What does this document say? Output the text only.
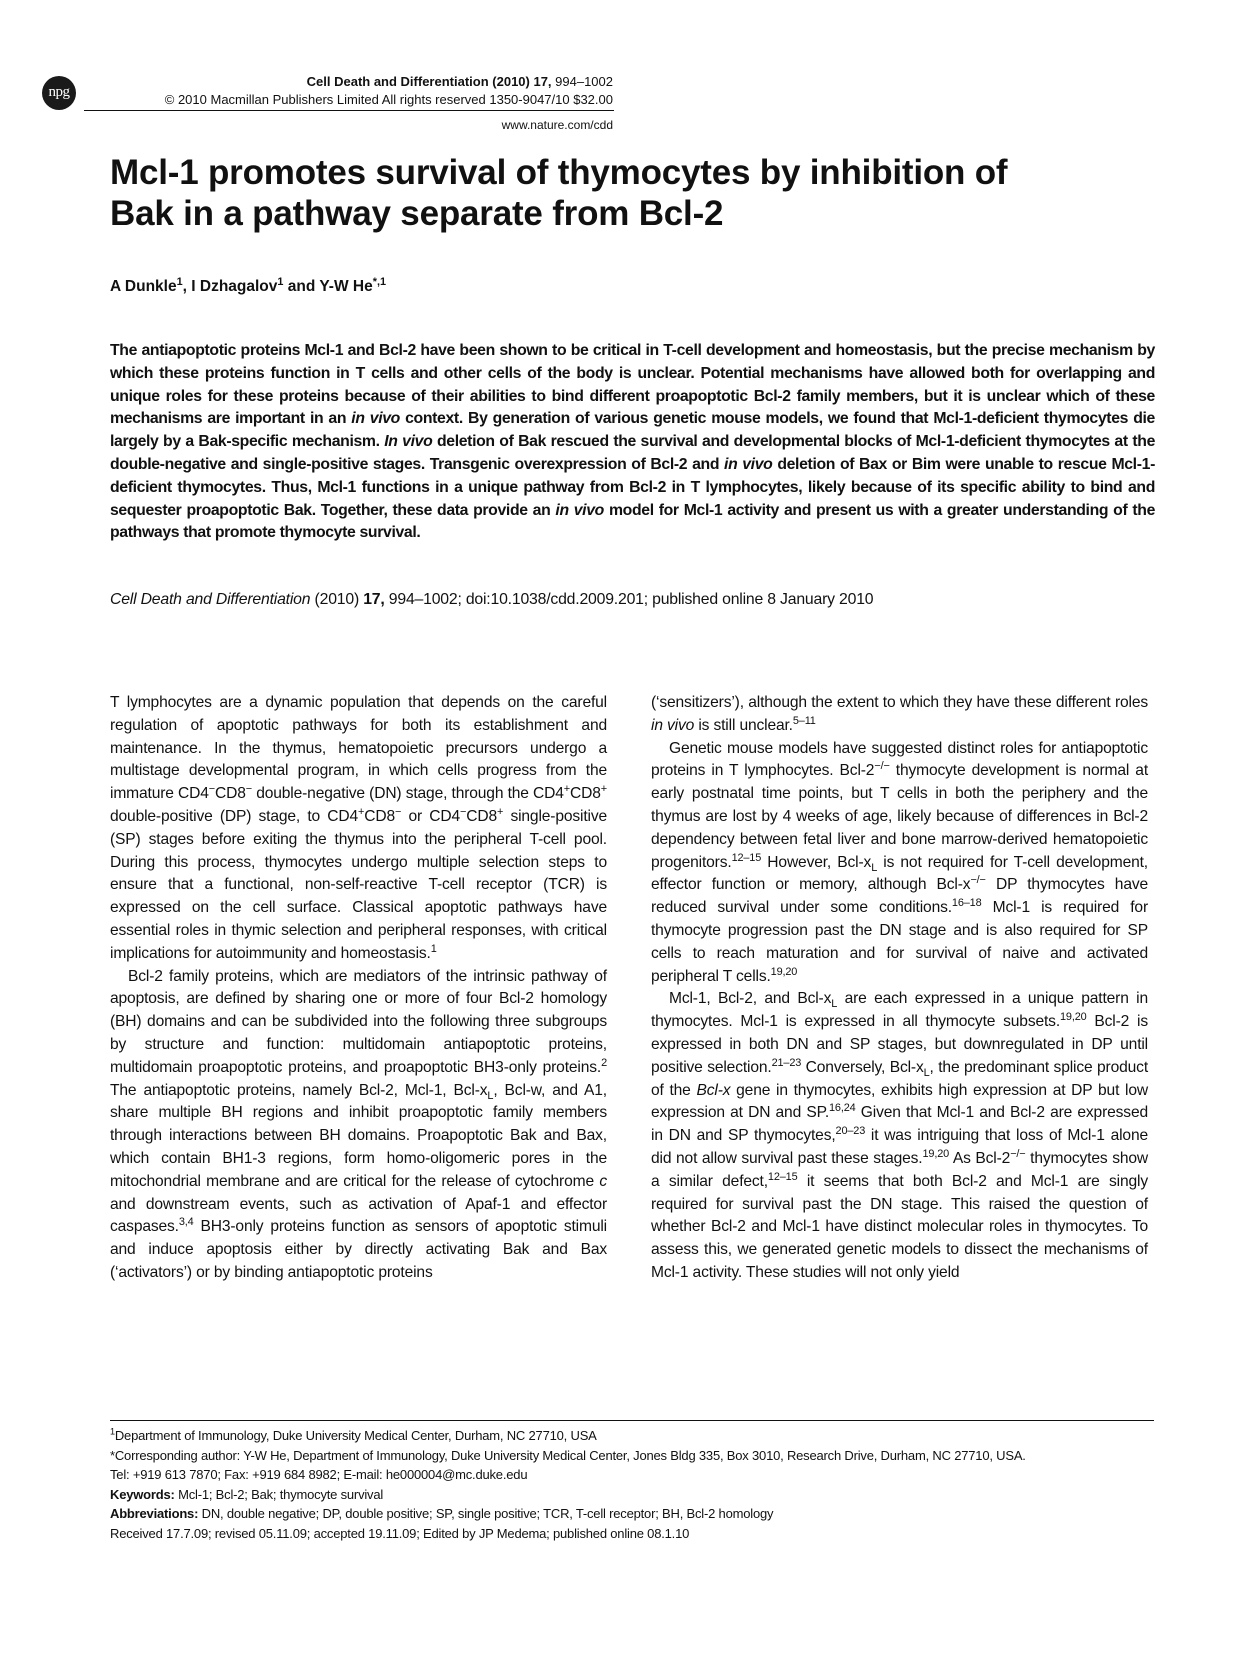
npg
Cell Death and Differentiation (2010) 17, 994–1002
© 2010 Macmillan Publishers Limited All rights reserved 1350-9047/10 $32.00
www.nature.com/cdd
Mcl-1 promotes survival of thymocytes by inhibition of
Bak in a pathway separate from Bcl-2
A Dunkle$^1$, I Dzhagalov$^1$ and Y-W $He^{*,1}$

The antiapoptotic proteins Mcl-1 and Bcl-2 have been shown to be critical in T-cell development and homeostasis, but the precise mechanism by which these proteins function in T cells and other cells of the body is unclear. Potential mechanisms have allowed both for overlapping and unique roles for these proteins because of their abilities to bind different proapoptotic Bcl-2 family members, but it is unclear which of these mechanisms are important in an in vivo context. By generation of various genetic mouse models, we found that Mcl-1-deficient thymocytes die largely by a Bak-specific mechanism. In vivo deletion of Bak rescued the survival and developmental blocks of Mcl-1-deficient thymocytes at the double-negative and single-positive stages. Transgenic overexpression of Bcl-2 and in vivo deletion of Bax or Bim were unable to rescue Mcl-1-deficient thymocytes. Thus, Mcl-1 functions in a unique pathway from Bcl-2 in T lymphocytes, likely because of its specific ability to bind and sequester proapoptotic Bak. Together, these data provide an in vivo model for Mcl-1 activity and present us with a greater understanding of the pathways that promote thymocyte survival.

Cell Death and Differentiation (2010) 17, 994–1002; doi:10.1038/cdd.2009.201; published online 8 January 2010

T lymphocytes are a dynamic population that depends on the careful regulation of apoptotic pathways for both its establishment and maintenance. In the thymus, hematopoietic precursors undergo a multistage developmental program, in which cells progress from the immature CD4−CD8− double-negative (DN) stage, through the CD4+CD8+ double-positive (DP) stage, to CD4+CD8− or CD4−CD8+ single-positive (SP) stages before exiting the thymus into the peripheral T-cell pool. During this process, thymocytes undergo multiple selection steps to ensure that a functional, non-self-reactive T-cell receptor (TCR) is expressed on the cell surface. Classical apoptotic pathways have essential roles in thymic selection and peripheral responses, with critical implications for autoimmunity and homeostasis.$^1$

Bcl-2 family proteins, which are mediators of the intrinsic pathway of apoptosis, are defined by sharing one or more of four Bcl-2 homology (BH) domains and can be subdivided into the following three subgroups by structure and function: multidomain antiapoptotic proteins, multidomain proapoptotic proteins, and proapoptotic BH3-only proteins.$^2$ The antiapoptotic proteins, namely Bcl-2, Mcl-1, Bcl-$x_L$, Bcl-w, and A1, share multiple BH regions and inhibit proapoptotic family members through interactions between BH domains. Proapoptotic Bak and Bax, which contain BH1-3 regions, form homo-oligomeric pores in the mitochondrial membrane and are critical for the release of cytochrome c and downstream events, such as activation of Apaf-1 and effector caspases.$^{3,4}$ BH3-only proteins function as sensors of apoptotic stimuli and induce apoptosis either by directly activating Bak and Bax (‘activators’) or by binding antiapoptotic proteins

(‘sensitizers’), although the extent to which they have these different roles in vivo is still unclear.$^{5-11}$

Genetic mouse models have suggested distinct roles for antiapoptotic proteins in T lymphocytes. Bcl-2−/− thymocyte development is normal at early postnatal time points, but T cells in both the periphery and the thymus are lost by 4 weeks of age, likely because of differences in Bcl-2 dependency between fetal liver and bone marrow-derived hematopoietic progenitors.$^{12-15}$ However, Bcl-$x_L$ is not required for T-cell development, effector function or memory, although Bcl-x−/− DP thymocytes have reduced survival under some conditions.$^{16-18}$ Mcl-1 is required for thymocyte progression past the DN stage and is also required for SP cells to reach maturation and for survival of naive and activated peripheral T cells.$^{19,20}$

Mcl-1, Bcl-2, and Bcl-$x_L$ are each expressed in a unique pattern in thymocytes. Mcl-1 is expressed in all thymocyte subsets.$^{19,20}$ Bcl-2 is expressed in both DN and SP stages, but downregulated in DP until positive selection.$^{21-23}$ Conversely, Bcl-$x_L$, the predominant splice product of the Bcl-x gene in thymocytes, exhibits high expression at DP but low expression at DN and SP.$^{16,24}$ Given that Mcl-1 and Bcl-2 are expressed in DN and SP thymocytes,$^{20-23}$ it was intriguing that loss of Mcl-1 alone did not allow survival past these stages.$^{19,20}$ As Bcl-2−/− thymocytes show a similar defect,$^{12-15}$ it seems that both Bcl-2 and Mcl-1 are singly required for survival past the DN stage. This raised the question of whether Bcl-2 and Mcl-1 have distinct molecular roles in thymocytes. To assess this, we generated genetic models to dissect the mechanisms of Mcl-1 activity. These studies will not only yield

$^1$Department of Immunology, Duke University Medical Center, Durham, NC 27710, USA
*Corresponding author: Y-W He, Department of Immunology, Duke University Medical Center, Jones Bldg 335, Box 3010, Research Drive, Durham, NC 27710, USA.
Tel: +919 613 7870; Fax: +919 684 8982; E-mail: he000004@mc.duke.edu
Keywords: Mcl-1; Bcl-2; Bak; thymocyte survival
Abbreviations: DN, double negative; DP, double positive; SP, single positive; TCR, T-cell receptor; BH, Bcl-2 homology
Received 17.7.09; revised 05.11.09; accepted 19.11.09; Edited by JP Medema; published online 08.1.10
